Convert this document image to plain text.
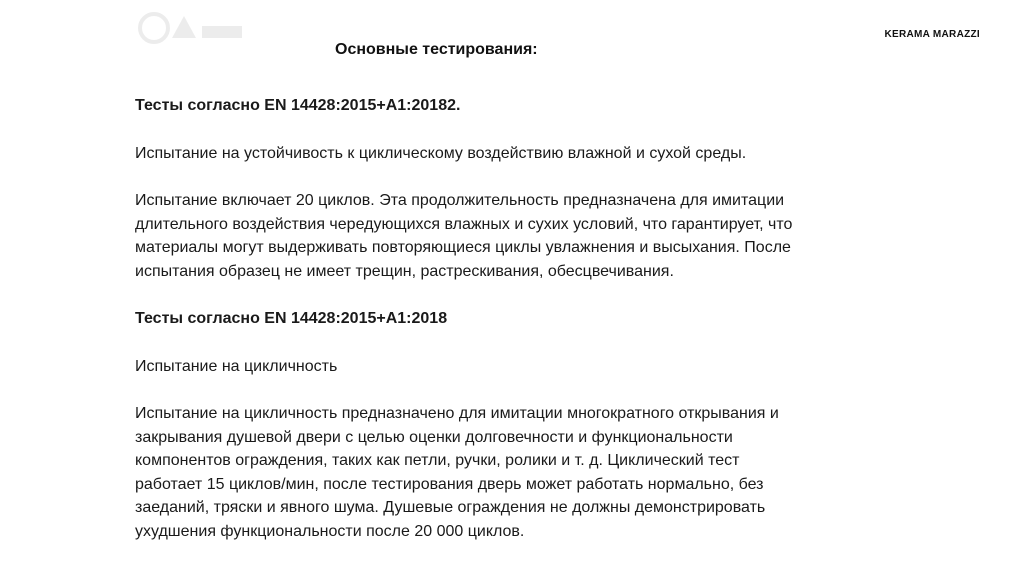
KERAMA MARAZZI
Основные тестирования:

Тесты согласно EN 14428:2015+A1:20182.

Испытание на устойчивость к циклическому воздействию влажной и сухой среды.

Испытание включает 20 циклов. Эта продолжительность предназначена для имитации

длительного воздействия чередующихся влажных и сухих условий, что гарантирует, что

материалы могут выдерживать повторяющиеся циклы увлажнения и высыхания. После

испытания образец не имеет трещин, растрескивания, обесцвечивания.

Тесты согласно EN 14428:2015+A1:2018

Испытание на цикличность

Испытание на цикличность предназначено для имитации многократного открывания и

закрывания душевой двери с целью оценки долговечности и функциональности

компонентов ограждения, таких как петли, ручки, ролики и т. д. Циклический тест

работает 15 циклов/мин, после тестирования дверь может работать нормально, без

заеданий, тряски и явного шума. Душевые ограждения не должны демонстрировать

ухудшения функциональности после 20 000 циклов.
